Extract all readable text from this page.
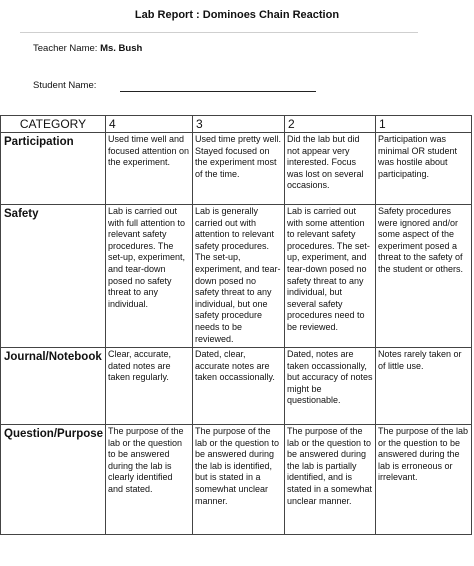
Lab Report : Dominoes Chain Reaction
Teacher Name: Ms. Bush
Student Name:
CATEGORY	4	3	2	1
Participation	Used time well and focused attention on the experiment.	Used time pretty well. Stayed focused on the experiment most of the time.	Did the lab but did not appear very interested. Focus was lost on several occasions.	Participation was minimal OR student was hostile about participating.
Safety	Lab is carried out with full attention to relevant safety procedures. The set-up, experiment, and tear-down posed no safety threat to any individual.	Lab is generally carried out with attention to relevant safety procedures. The set-up, experiment, and tear-down posed no safety threat to any individual, but one safety procedure needs to be reviewed.	Lab is carried out with some attention to relevant safety procedures. The set-up, experiment, and tear-down posed no safety threat to any individual, but several safety procedures need to be reviewed.	Safety procedures were ignored and/or some aspect of the experiment posed a threat to the safety of the student or others.
Journal/Notebook	Clear, accurate, dated notes are taken regularly.	Dated, clear, accurate notes are taken occassionally.	Dated, notes are taken occassionally, but accuracy of notes might be questionable.	Notes rarely taken or of little use.
Question/Purpose	The purpose of the lab or the question to be answered during the lab is clearly identified and stated.	The purpose of the lab or the question to be answered during the lab is identified, but is stated in a somewhat unclear manner.	The purpose of the lab or the question to be answered during the lab is partially identified, and is stated in a somewhat unclear manner.	The purpose of the lab or the question to be answered during the lab is erroneous or irrelevant.
